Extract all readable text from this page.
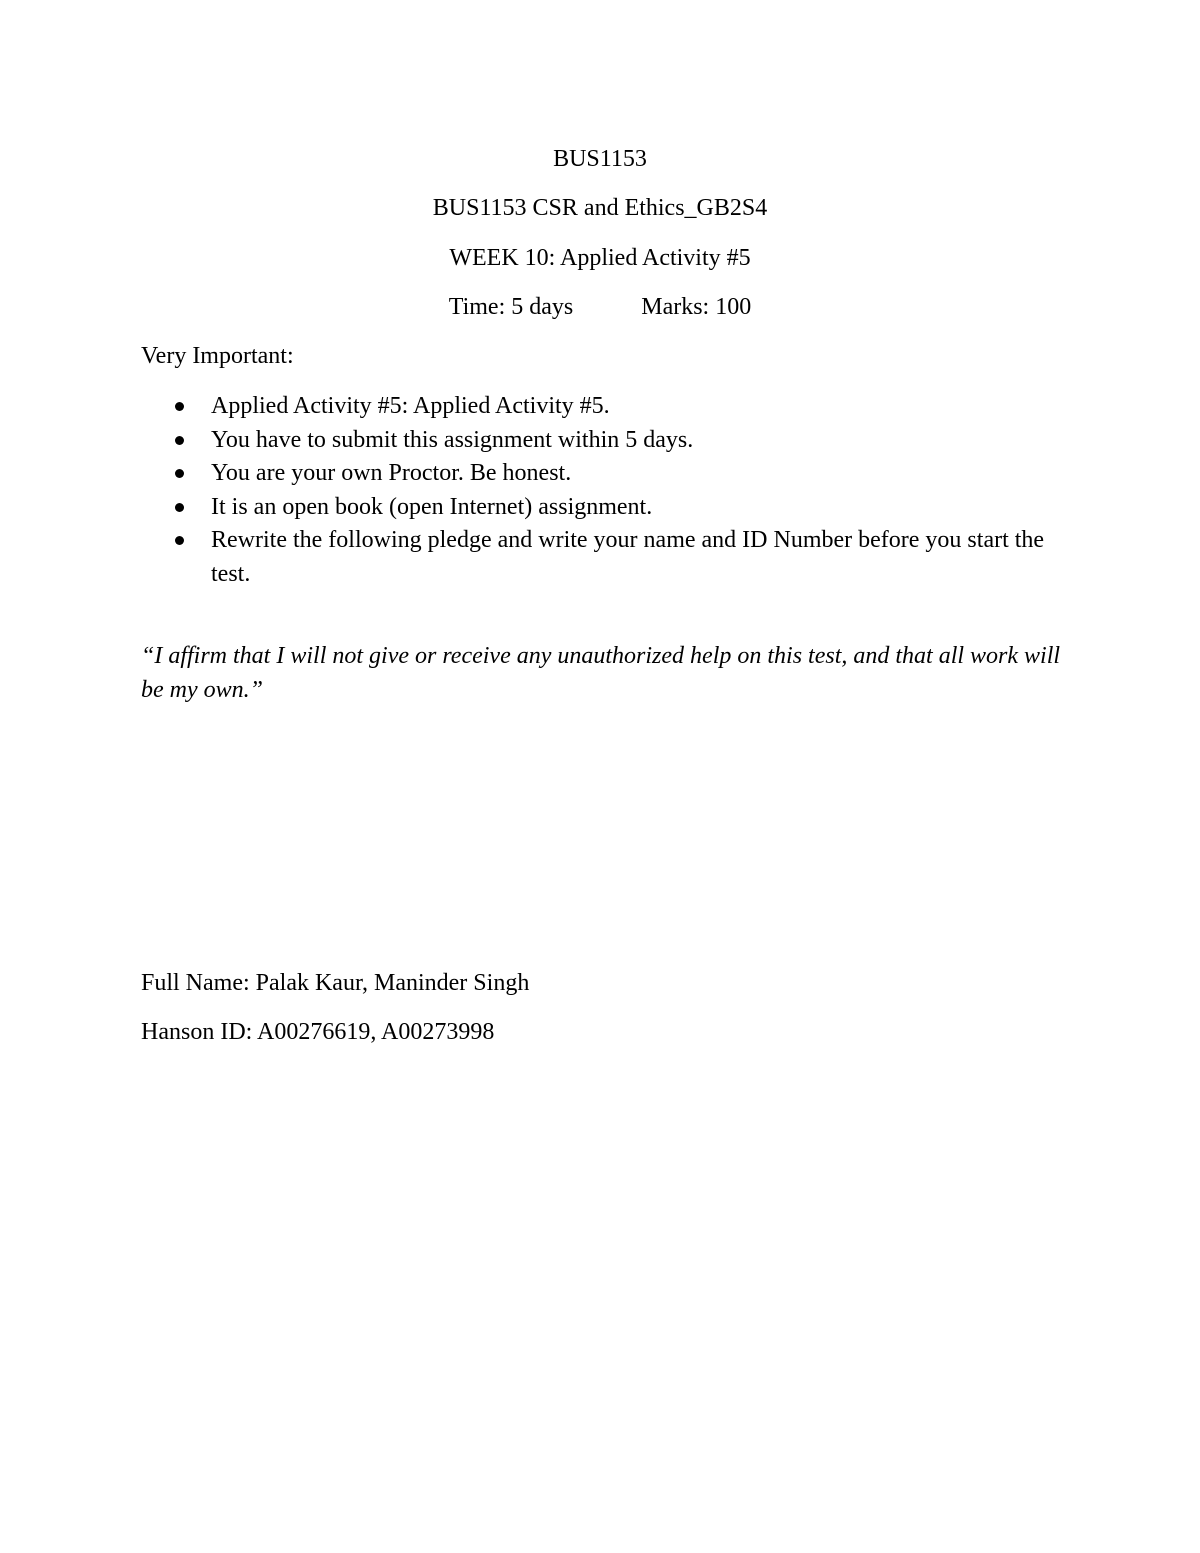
BUS1153
BUS1153 CSR and Ethics_GB2S4
WEEK 10: Applied Activity #5
Time: 5 days	Marks: 100
Very Important:
Applied Activity #5: Applied Activity #5.
You have to submit this assignment within 5 days.
You are your own Proctor. Be honest.
It is an open book (open Internet) assignment.
Rewrite the following pledge and write your name and ID Number before you start the test.
“I affirm that I will not give or receive any unauthorized help on this test, and that all work will be my own.”
Full Name: Palak Kaur, Maninder Singh
Hanson ID: A00276619, A00273998
